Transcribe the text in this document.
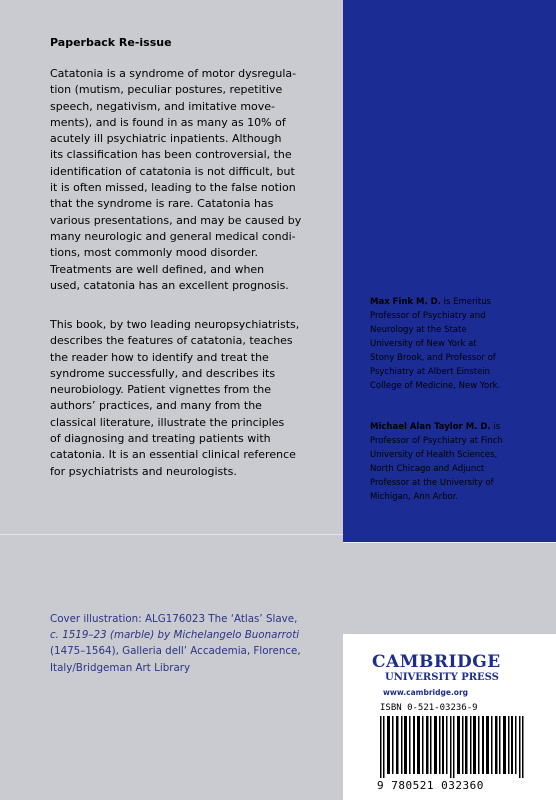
Paperback Re-issue
Catatonia is a syndrome of motor dysregula-
tion (mutism, peculiar postures, repetitive
speech, negativism, and imitative move-
ments), and is found in as many as 10% of
acutely ill psychiatric inpatients. Although
its classification has been controversial, the
identification of catatonia is not difficult, but
it is often missed, leading to the false notion
that the syndrome is rare. Catatonia has
various presentations, and may be caused by
many neurologic and general medical condi-
tions, most commonly mood disorder.
Treatments are well defined, and when
used, catatonia has an excellent prognosis.
This book, by two leading neuropsychiatrists,
describes the features of catatonia, teaches
the reader how to identify and treat the
syndrome successfully, and describes its
neurobiology. Patient vignettes from the
authors’ practices, and many from the
classical literature, illustrate the principles
of diagnosing and treating patients with
catatonia. It is an essential clinical reference
for psychiatrists and neurologists.
Max Fink M. D. is Emeritus
Professor of Psychiatry and
Neurology at the State
University of New York at
Stony Brook, and Professor of
Psychiatry at Albert Einstein
College of Medicine, New York.
Michael Alan Taylor M. D. is
Professor of Psychiatry at Finch
University of Health Sciences,
North Chicago and Adjunct
Professor at the University of
Michigan, Ann Arbor.
Cover illustration: ALG176023 The ‘Atlas’ Slave,
c. 1519–23 (marble) by Michelangelo Buonarroti
(1475–1564), Galleria dell’ Accademia, Florence,
Italy/Bridgeman Art Library	CAMBRIDGE
UNIVERSITY PRESS
www.cambridge.org
ISBN 0-521-03236-9
9 780521 032360
